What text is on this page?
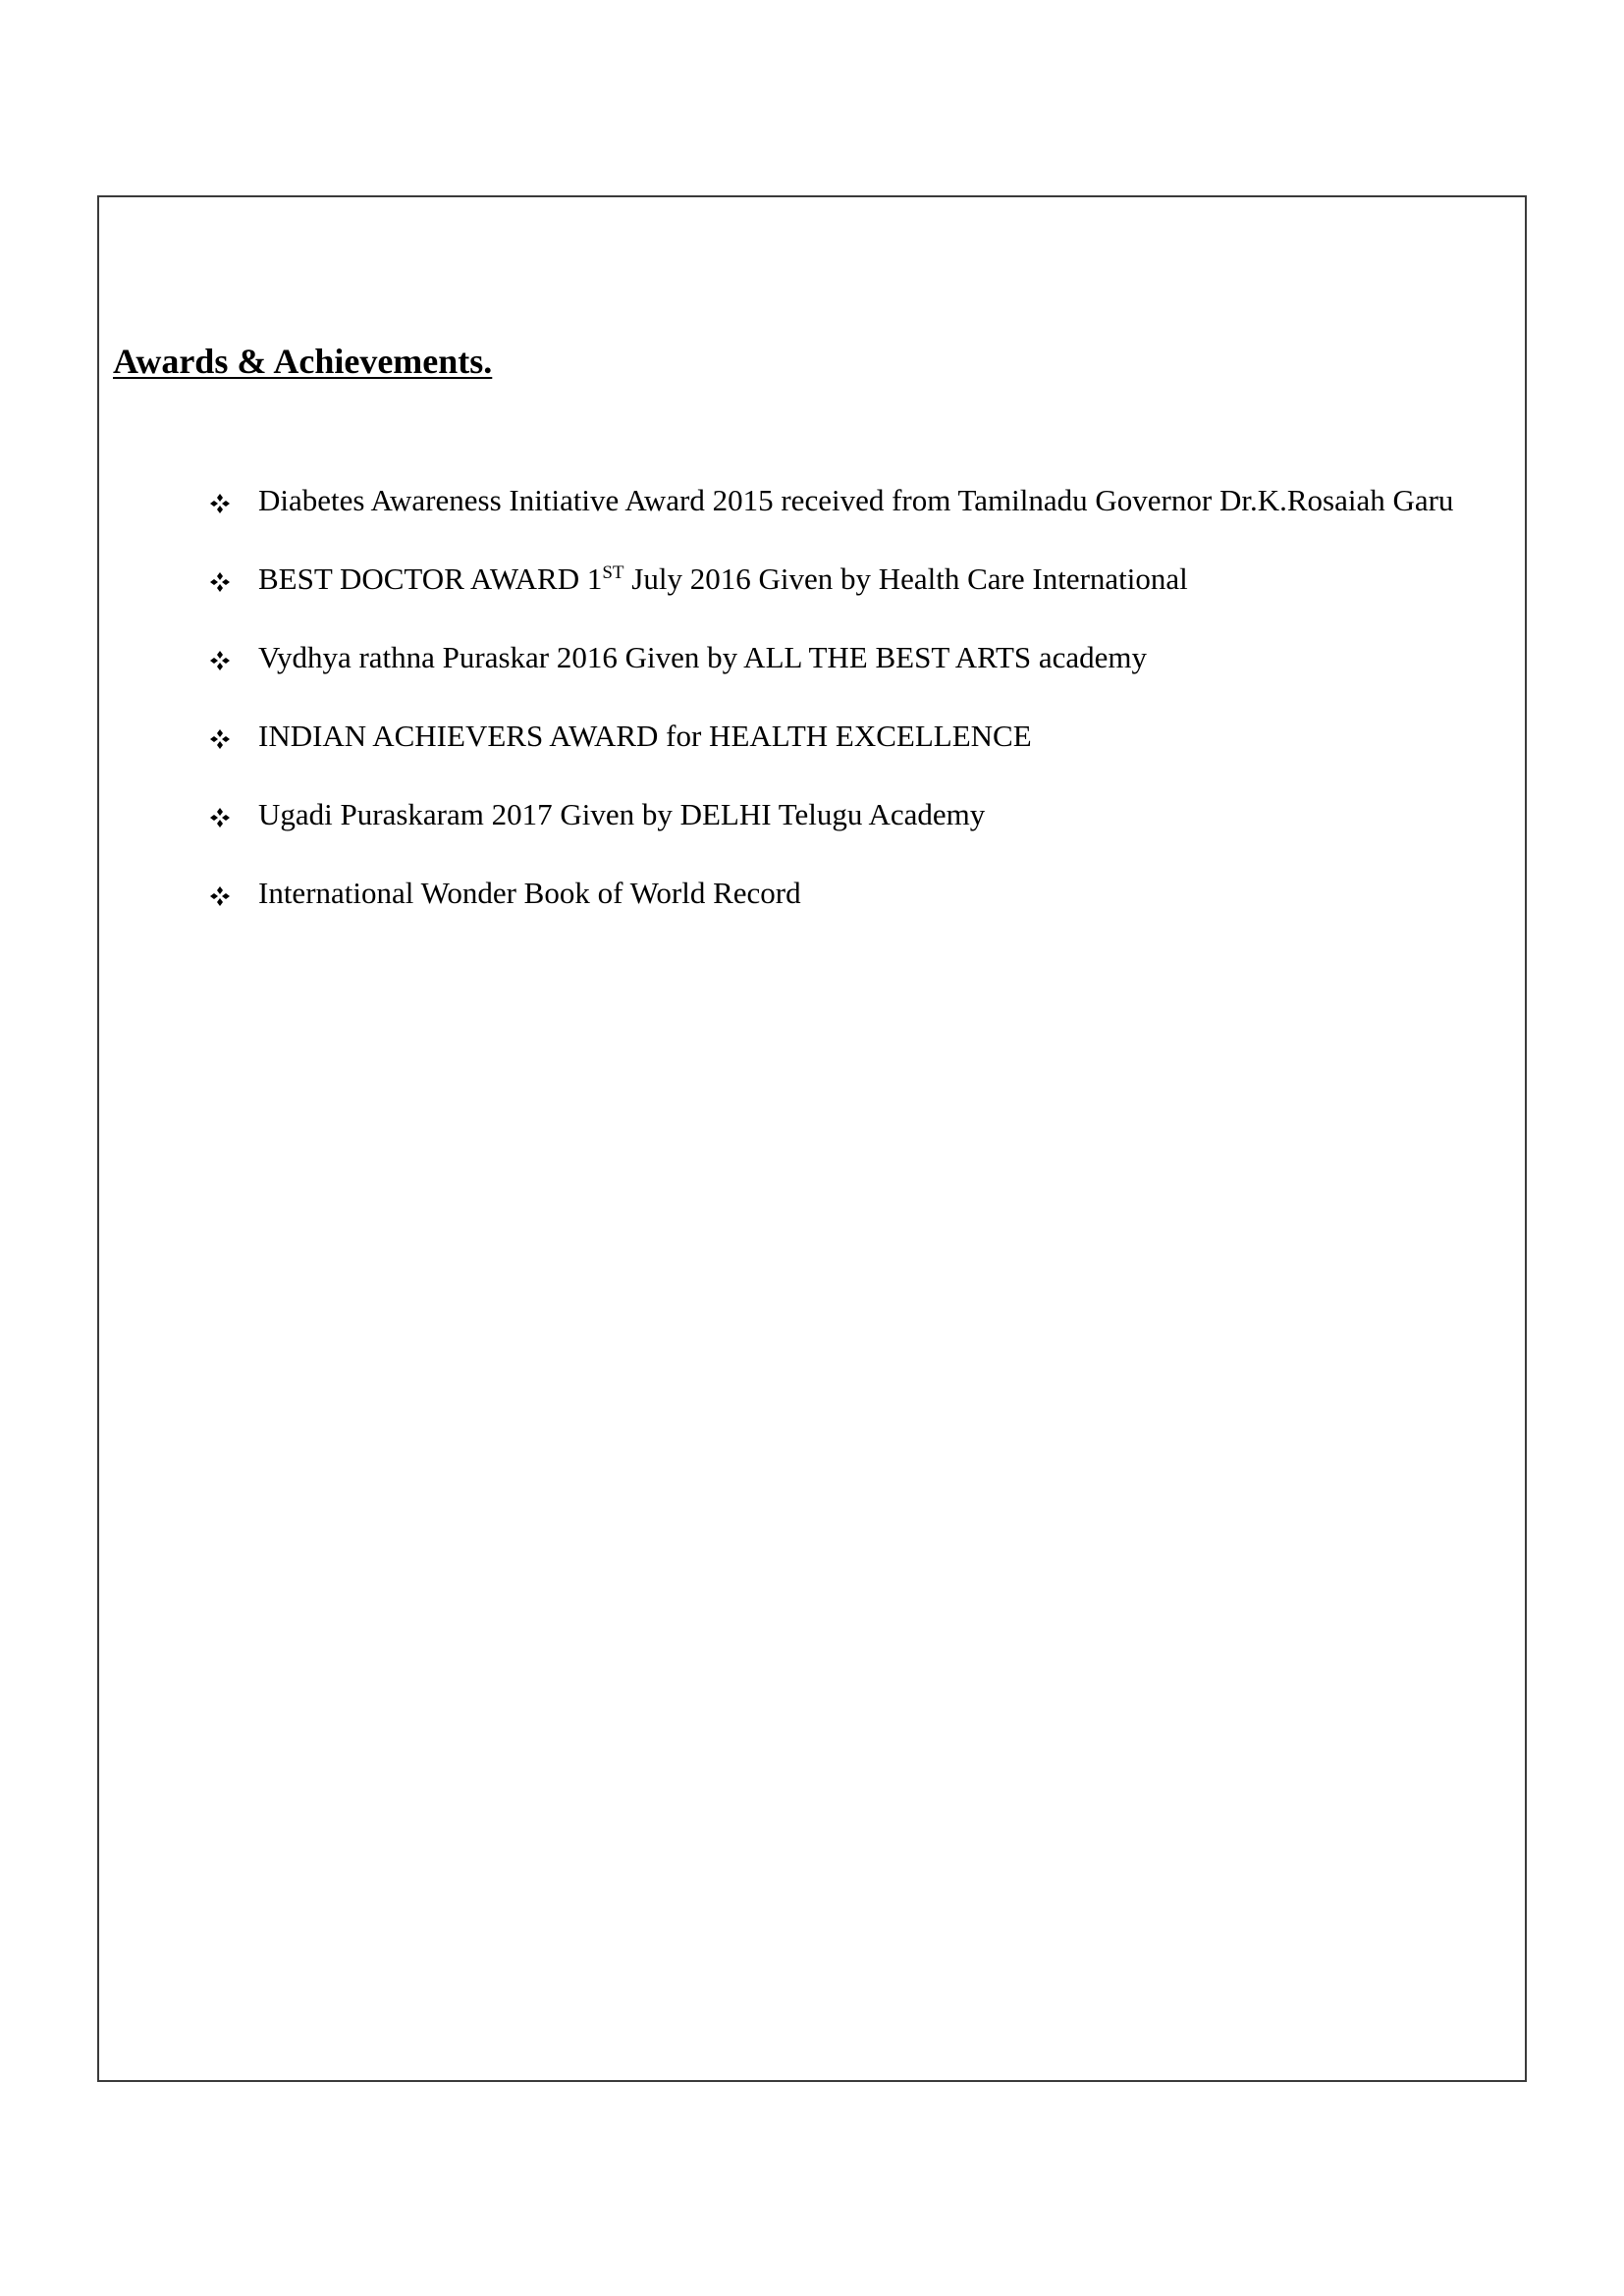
Awards & Achievements.
Diabetes Awareness Initiative Award 2015 received from Tamilnadu Governor Dr.K.Rosaiah Garu
BEST DOCTOR AWARD 1ST July 2016 Given by Health Care International
Vydhya rathna Puraskar 2016 Given by ALL THE BEST ARTS academy
INDIAN ACHIEVERS AWARD for HEALTH EXCELLENCE
Ugadi Puraskaram 2017 Given by DELHI Telugu Academy
International Wonder Book of World Record
